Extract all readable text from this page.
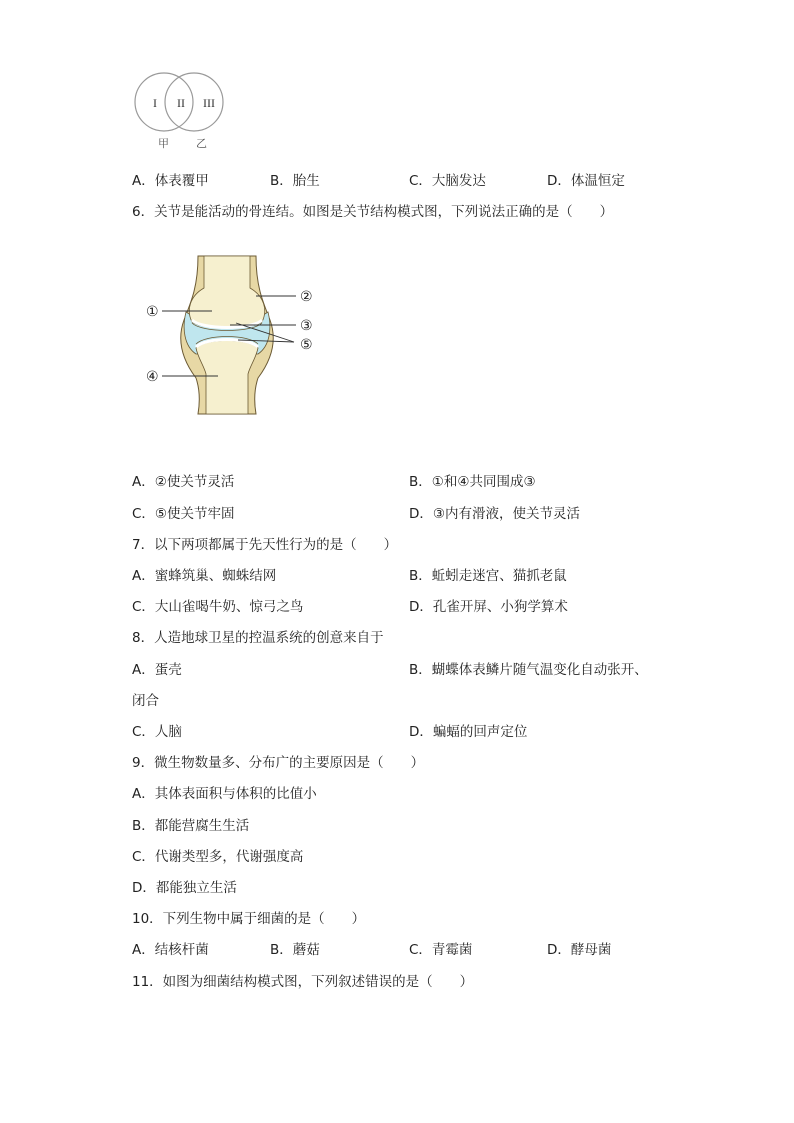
I II III
甲 乙
A．体表覆甲	B．胎生	C．大脑发达	D．体温恒定
6．关节是能活动的骨连结。如图是关节结构模式图，下列说法正确的是（　　）
①
②
③
⑤
④
A．②使关节灵活	B．①和④共同围成③
C．⑤使关节牢固	D．③内有滑液，使关节灵活
7．以下两项都属于先天性行为的是（　　）
A．蜜蜂筑巢、蜘蛛结网	B．蚯蚓走迷宫、猫抓老鼠
C．大山雀喝牛奶、惊弓之鸟	D．孔雀开屏、小狗学算术
8．人造地球卫星的控温系统的创意来自于
A．蛋壳	B．蝴蝶体表鳞片随气温变化自动张开、
闭合
C．人脑	D．蝙蝠的回声定位
9．微生物数量多、分布广的主要原因是（　　）
A．其体表面积与体积的比值小
B．都能营腐生生活
C．代谢类型多，代谢强度高
D．都能独立生活
10．下列生物中属于细菌的是（　　）
A．结核杆菌	B．蘑菇	C．青霉菌	D．酵母菌
11．如图为细菌结构模式图，下列叙述错误的是（　　）
